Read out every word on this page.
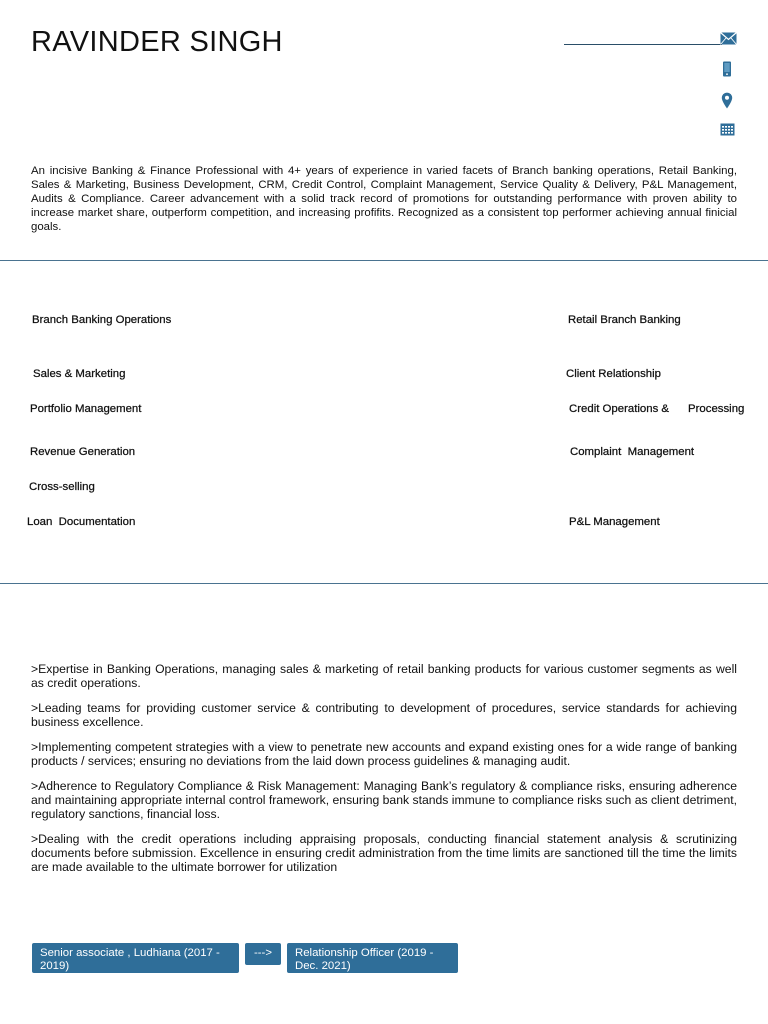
RAVINDER SINGH

An incisive Banking & Finance Professional with 4+ years of experience in varied facets of Branch banking operations, Retail Banking, Sales & Marketing, Business Development, CRM, Credit Control, Complaint Management, Service Quality & Delivery, P&L Management, Audits & Compliance. Career advancement with a solid track record of promotions for outstanding performance with proven ability to increase market share, outperform competition, and increasing profifits. Recognized as a consistent top performer achieving annual finicial goals.

Branch Banking Operations
Sales & Marketing
Portfolio Management
Revenue Generation
Cross-selling
Loan  Documentation
Retail Branch Banking
Client Relationship
Credit Operations &      Processing
Complaint  Management
P&L Management

>Expertise in Banking Operations, managing sales & marketing of retail banking products for various customer segments as well as credit operations.

>Leading teams for providing customer service & contributing to development of procedures, service standards for achieving business excellence.

>Implementing competent strategies with a view to penetrate new accounts and expand existing ones for a wide range of banking products / services; ensuring no deviations from the laid down process guidelines & managing audit.

>Adherence to Regulatory Compliance & Risk Management: Managing Bank’s regulatory & compliance risks, ensuring adherence and maintaining appropriate internal control framework, ensuring bank stands immune to compliance risks such as client detriment, regulatory sanctions, financial loss.

>Dealing with the credit operations including appraising proposals, conducting financial statement analysis & scrutinizing documents before submission. Excellence in ensuring credit administration from the time limits are sanctioned till the time the limits are made available to the ultimate borrower for utilization

Senior associate , Ludhiana (2017 - 2019)
--->	Relationship Officer (2019 - Dec. 2021)
